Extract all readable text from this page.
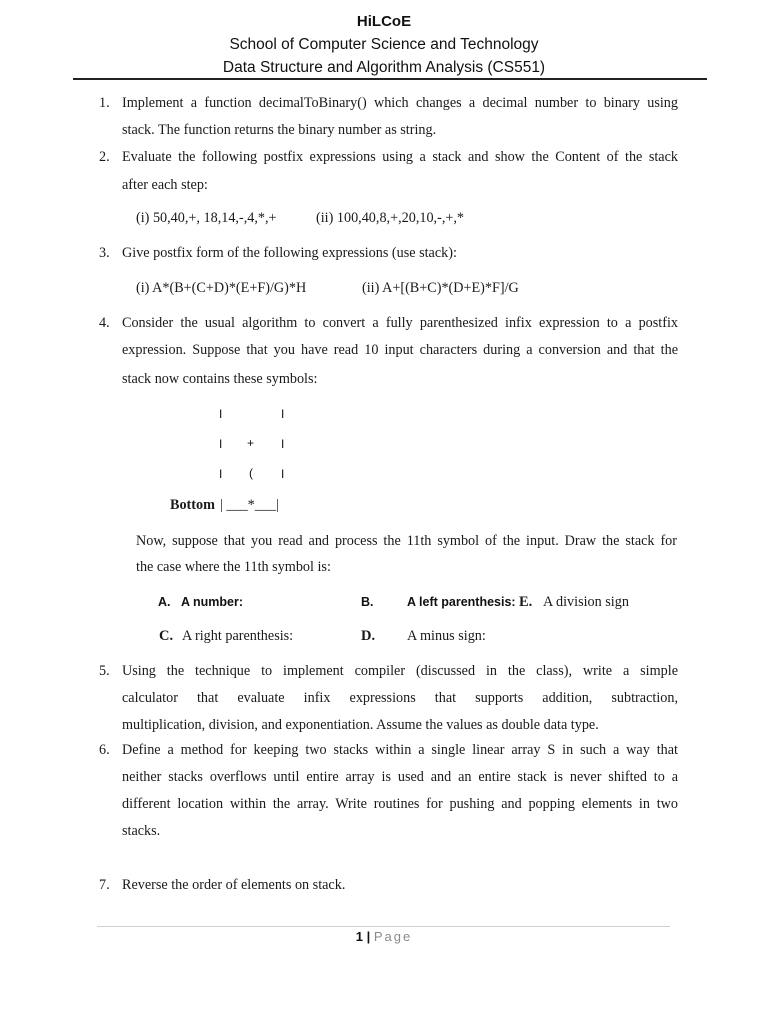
HiLCoE
School of Computer Science and Technology
Data Structure and Algorithm Analysis (CS551)
1. Implement a function decimalToBinary() which changes a decimal number to binary using
stack. The function returns the binary number as string.
2. Evaluate the following postfix expressions using a stack and show the Content of the stack
after each step:
(i) 50,40,+, 18,14,-,4,*,+	(ii) 100,40,8,+,20,10,-,+,*
3. Give postfix form of the following expressions (use stack):
(i) A*(B+(C+D)*(E+F)/G)*H	(ii) A+[(B+C)*(D+E)*F]/G
4. Consider the usual algorithm to convert a fully parenthesized infix expression to a postfix
expression. Suppose that you have read 10 input characters during a conversion and that the
stack now contains these symbols:
I	I
I + I
I ( I
Bottom | ___*___|
Now, suppose that you read and process the 11th symbol of the input. Draw the stack for
the case where the 11th symbol is:
A. A number:	B.	A left parenthesis: E. A division sign
C. A right parenthesis:	D. A minus sign:
5. Using the technique to implement compiler (discussed in the class), write a simple
calculator that evaluate infix expressions that supports addition, subtraction,
multiplication, division, and exponentiation. Assume the values as double data type.
6. Define a method for keeping two stacks within a single linear array S in such a way that
neither stacks overflows until entire array is used and an entire stack is never shifted to a
different location within the array. Write routines for pushing and popping elements in two
stacks.
7. Reverse the order of elements on stack.
1 | Page
